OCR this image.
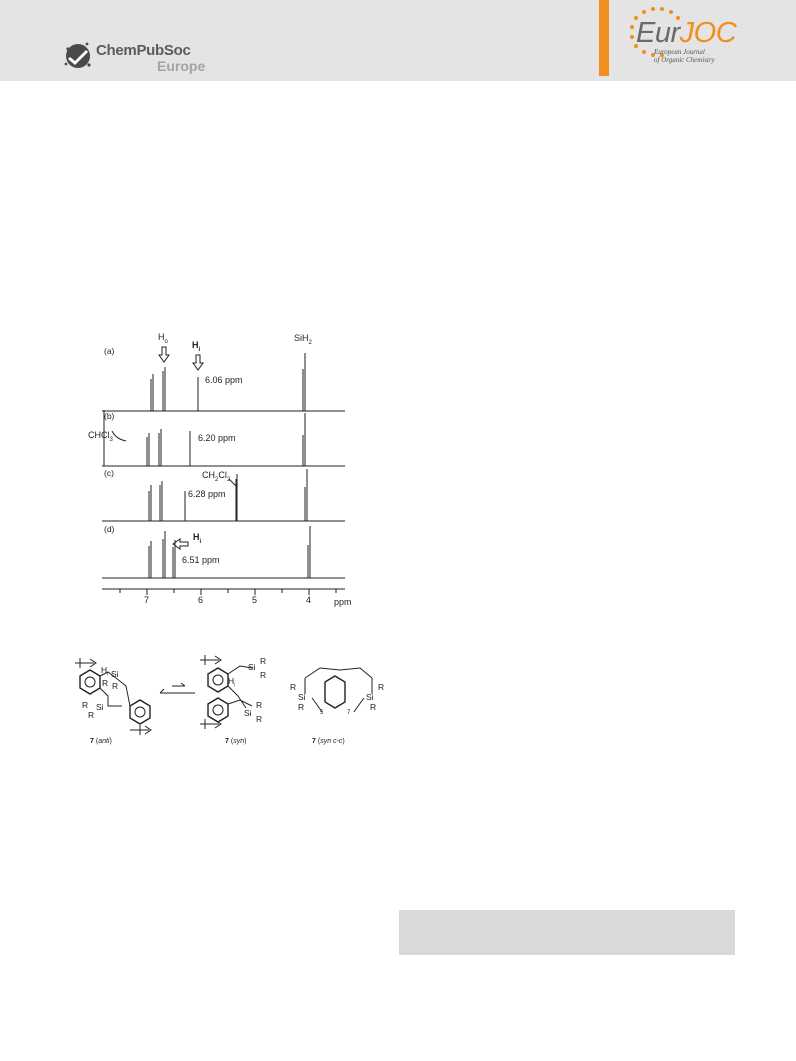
ChemPubSoc
Europe
EurJOC
European Journal
of Organic Chemistry
(a)
(b)
(c)
(d)
$H_o$	$H_i$
SiH$_2$
6.06 ppm
6.20 ppm
6.28 ppm
6.51 ppm
CHCl$_3$
$CH_2Cl_2$
$H_i$
7	6	5	4	ppm
Si
R R
$H_i$
Si
R
R
Si
R
R
$H_i$
Si
R
R
R
Si
R
Si
R
R
5	7
7 (anti)	7 (syn)	7 (syn c-c)
